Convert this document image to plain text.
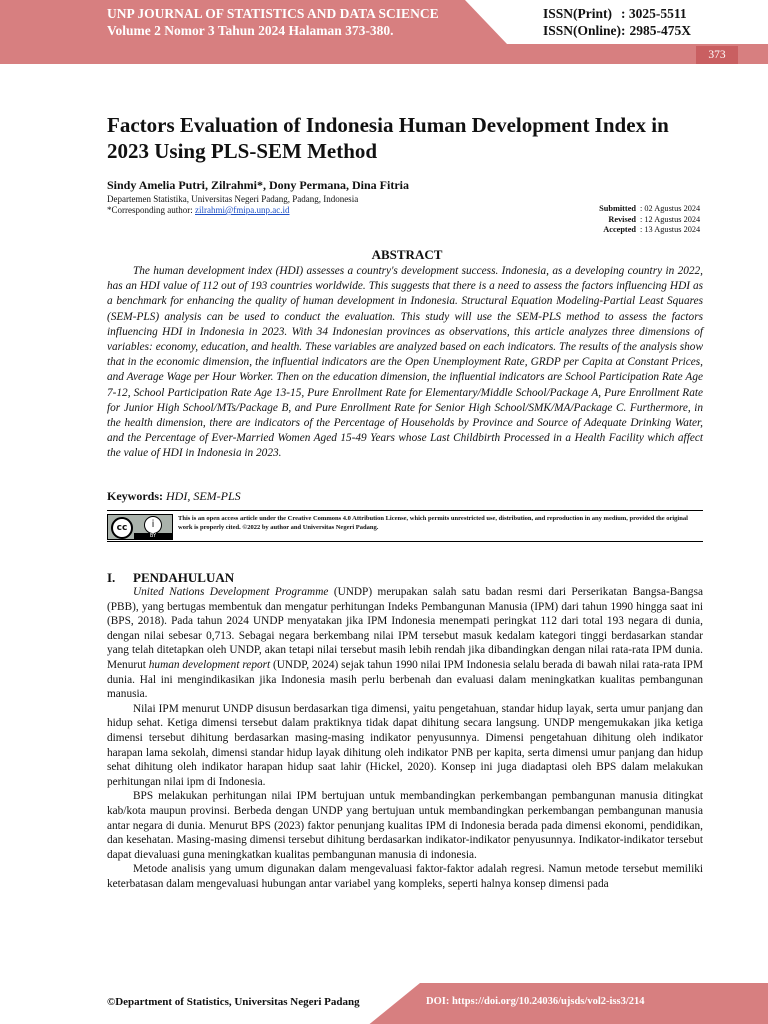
UNP JOURNAL OF STATISTICS AND DATA SCIENCE
Volume 2 Nomor 3 Tahun 2024 Halaman 373-380.
ISSN(Print) : 3025-5511
ISSN(Online): 2985-475X
373
Factors Evaluation of Indonesia Human Development Index in 2023 Using PLS-SEM Method
Sindy Amelia Putri, Zilrahmi*, Dony Permana, Dina Fitria
Departemen Statistika, Universitas Negeri Padang, Padang, Indonesia
*Corresponding author: zilrahmi@fmipa.unp.ac.id	Submitted : 02 Agustus 2024
Revised : 12 Agustus 2024
Accepted : 13 Agustus 2024
ABSTRACT
The human development index (HDI) assesses a country's development success. Indonesia, as a developing country in 2022, has an HDI value of 112 out of 193 countries worldwide. This suggests that there is a need to assess the factors influencing HDI as a benchmark for enhancing the quality of human development in Indonesia. Structural Equation Modeling-Partial Least Squares (SEM-PLS) analysis can be used to conduct the evaluation. This study will use the SEM-PLS method to assess the factors influencing HDI in Indonesia in 2023. With 34 Indonesian provinces as observations, this article analyzes three dimensions of variables: economy, education, and health. These variables are analyzed based on each indicators. The results of the analysis show that in the economic dimension, the influential indicators are the Open Unemployment Rate, GRDP per Capita at Constant Prices, and Average Wage per Hour Worker. Then on the education dimension, the influential indicators are School Participation Rate Age 7-12, School Participation Rate Age 13-15, Pure Enrollment Rate for Elementary/Middle School/Package A, Pure Enrollment Rate for Junior High School/MTs/Package B, and Pure Enrollment Rate for Senior High School/SMK/MA/Package C. Furthermore, in the health dimension, there are indicators of the Percentage of Households by Province and Source of Adequate Drinking Water, and the Percentage of Ever-Married Women Aged 15-49 Years whose Last Childbirth Processed in a Health Facility which affect the value of HDI in Indonesia in 2023.
Keywords: HDI, SEM-PLS
cc	i
BY
This is an open access article under the Creative Commons 4.0 Attribution License, which permits unrestricted use, distribution, and reproduction in any medium, provided the original work is properly cited. ©2022 by author and Universitas Negeri Padang.
I. PENDAHULUAN

United Nations Development Programme (UNDP) merupakan salah satu badan resmi dari Perserikatan Bangsa-Bangsa (PBB), yang bertugas membentuk dan mengatur perhitungan Indeks Pembangunan Manusia (IPM) dari tahun 1990 hingga saat ini (BPS, 2018). Pada tahun 2024 UNDP menyatakan jika IPM Indonesia menempati peringkat 112 dari total 193 negara di dunia, dengan nilai sebesar 0,713. Sebagai negara berkembang nilai IPM tersebut masuk kedalam kategori tinggi berdasarkan standar yang telah ditetapkan oleh UNDP, akan tetapi nilai tersebut masih lebih rendah jika dibandingkan dengan nilai rata-rata IPM dunia. Menurut human development report (UNDP, 2024) sejak tahun 1990 nilai IPM Indonesia selalu berada di bawah nilai rata-rata IPM dunia. Hal ini mengindikasikan jika Indonesia masih perlu berbenah dan evaluasi dalam meningkatkan kualitas pembangunan manusia.

Nilai IPM menurut UNDP disusun berdasarkan tiga dimensi, yaitu pengetahuan, standar hidup layak, serta umur panjang dan hidup sehat. Ketiga dimensi tersebut dalam praktiknya tidak dapat dihitung secara langsung. UNDP mengemukakan jika ketiga dimensi tersebut dihitung berdasarkan masing-masing indikator penyusunnya. Dimensi pengetahuan dihitung oleh indikator harapan lama sekolah, dimensi standar hidup layak dihitung oleh indikator PNB per kapita, serta dimensi umur panjang dan hidup sehat dihitung oleh indikator harapan hidup saat lahir (Hickel, 2020). Konsep ini juga diadaptasi oleh BPS dalam melakukan perhitungan nilai ipm di Indonesia.

BPS melakukan perhitungan nilai IPM bertujuan untuk membandingkan perkembangan pembangunan manusia ditingkat kab/kota maupun provinsi. Berbeda dengan UNDP yang bertujuan untuk membandingkan perkembangan pembangunan manusia antar negara di dunia. Menurut BPS (2023) faktor penunjang kualitas IPM di Indonesia berada pada dimensi ekonomi, pendidikan, dan kesehatan. Masing-masing dimensi tersebut dihitung berdasarkan indikator-indikator penyusunnya. Indikator-indikator tersebut dapat dievaluasi guna meningkatkan kualitas pembangunan manusia di indonesia.

Metode analisis yang umum digunakan dalam mengevaluasi faktor-faktor adalah regresi. Namun metode tersebut memiliki keterbatasan dalam mengevaluasi hubungan antar variabel yang kompleks, seperti halnya konsep dimensi pada

©Department of Statistics, Universitas Negeri Padang	DOI: https://doi.org/10.24036/ujsds/vol2-iss3/214
